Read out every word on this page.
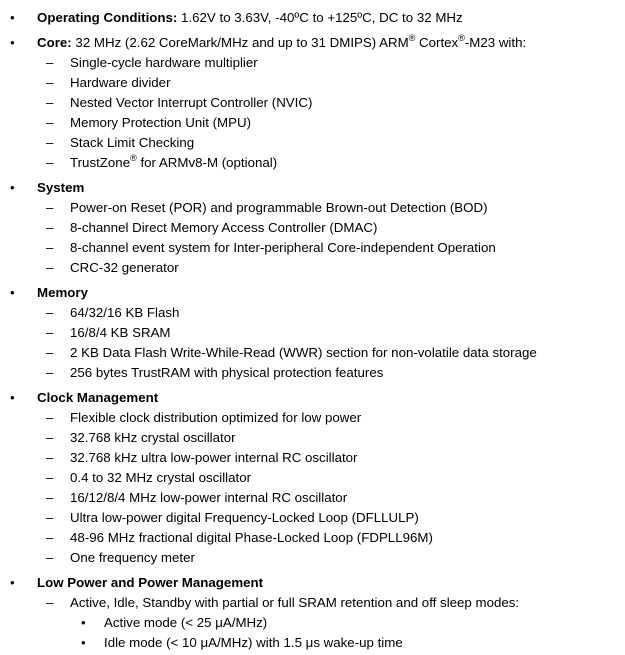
• Operating Conditions: 1.62V to 3.63V, -40ºC to +125ºC, DC to 32 MHz
• Core: 32 MHz (2.62 CoreMark/MHz and up to 31 DMIPS) ARM® Cortex®-M23 with:
– Single-cycle hardware multiplier
– Hardware divider
– Nested Vector Interrupt Controller (NVIC)
– Memory Protection Unit (MPU)
– Stack Limit Checking
– TrustZone® for ARMv8-M (optional)
• System
– Power-on Reset (POR) and programmable Brown-out Detection (BOD)
– 8-channel Direct Memory Access Controller (DMAC)
– 8-channel event system for Inter-peripheral Core-independent Operation
– CRC-32 generator
• Memory
– 64/32/16 KB Flash
– 16/8/4 KB SRAM
– 2 KB Data Flash Write-While-Read (WWR) section for non-volatile data storage
– 256 bytes TrustRAM with physical protection features
• Clock Management
– Flexible clock distribution optimized for low power
– 32.768 kHz crystal oscillator
– 32.768 kHz ultra low-power internal RC oscillator
– 0.4 to 32 MHz crystal oscillator
– 16/12/8/4 MHz low-power internal RC oscillator
– Ultra low-power digital Frequency-Locked Loop (DFLLULP)
– 48-96 MHz fractional digital Phase-Locked Loop (FDPLL96M)
– One frequency meter
• Low Power and Power Management
– Active, Idle, Standby with partial or full SRAM retention and off sleep modes:
• Active mode (< 25 μA/MHz)
• Idle mode (< 10 μA/MHz) with 1.5 μs wake-up time
